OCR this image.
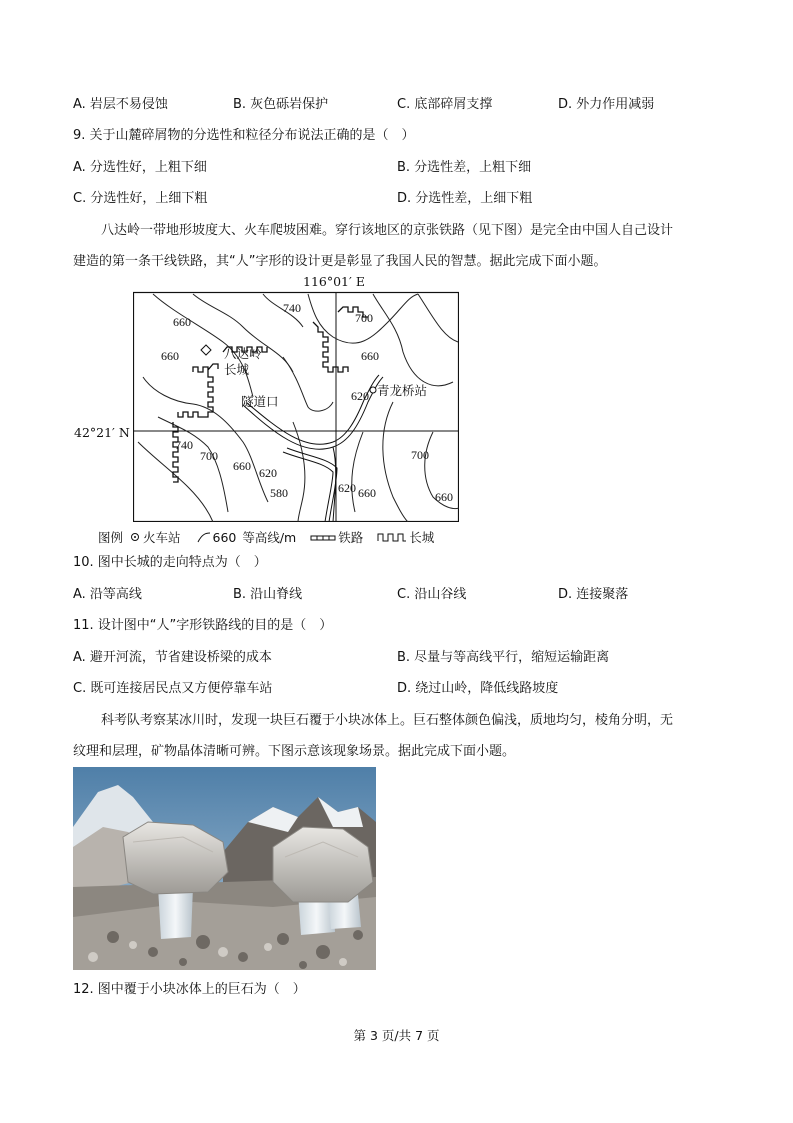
A. 岩层不易侵蚀	B. 灰色砾岩保护	C. 底部碎屑支撑	D. 外力作用减弱
9. 关于山麓碎屑物的分选性和粒径分布说法正确的是（　）
A. 分选性好，上粗下细	B. 分选性差，上粗下细
C. 分选性好，上细下粗	D. 分选性差，上细下粗
八达岭一带地形坡度大、火车爬坡困难。穿行该地区的京张铁路（见下图）是完全由中国人自己设计
建造的第一条干线铁路，其“人”字形的设计更是彰显了我国人民的智慧。据此完成下面小题。
116°01′ E
42°21′ N
660
740
700
660	660
620
740
700
660 620
580	620 660
700
660
八达岭
长城
隧道口
青龙桥站
图例 火车站	660 等高线/m	铁路	长城
10. 图中长城的走向特点为（　）
A. 沿等高线	B. 沿山脊线	C. 沿山谷线	D. 连接聚落
11. 设计图中“人”字形铁路线的目的是（　）
A. 避开河流，节省建设桥梁的成本	B. 尽量与等高线平行，缩短运输距离
C. 既可连接居民点又方便停靠车站	D. 绕过山岭，降低线路坡度
科考队考察某冰川时，发现一块巨石覆于小块冰体上。巨石整体颜色偏浅，质地均匀，棱角分明，无
纹理和层理，矿物晶体清晰可辨。下图示意该现象场景。据此完成下面小题。
12. 图中覆于小块冰体上的巨石为（　）
第 3 页/共 7 页
